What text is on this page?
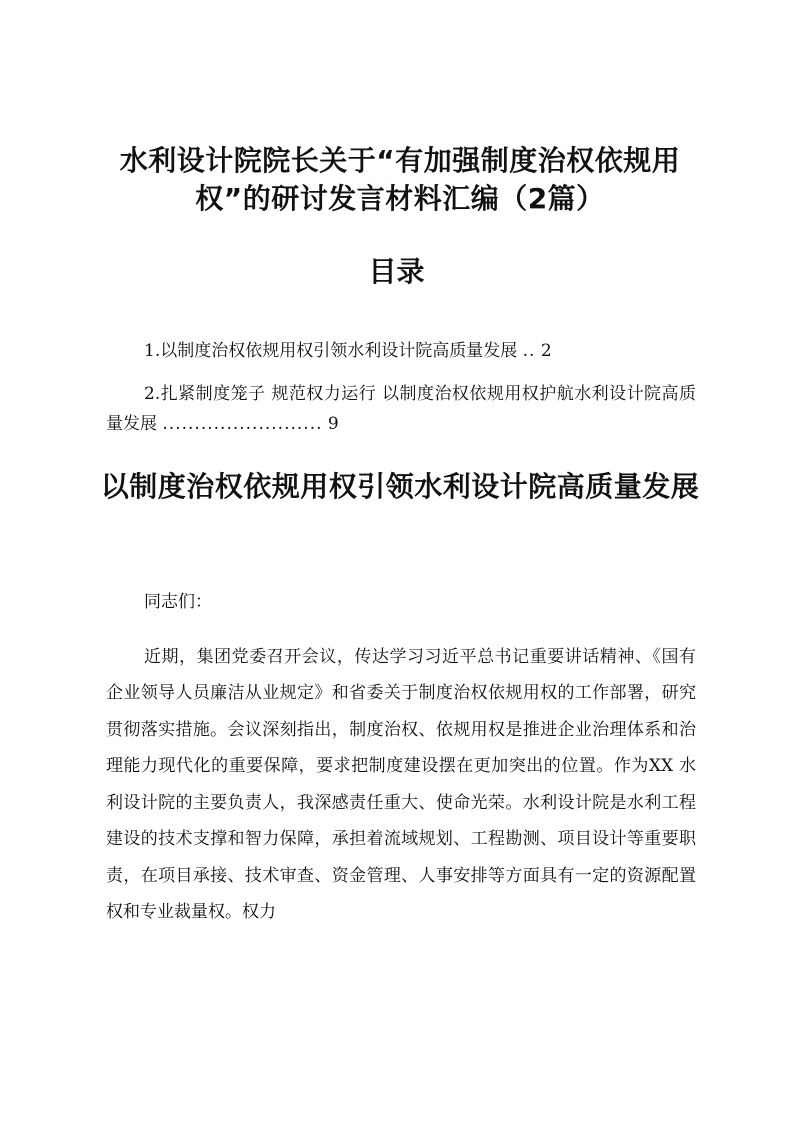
水利设计院院长关于“有加强制度治权依规用权”的研讨发言材料汇编（2篇）
目录

1.以制度治权依规用权引领水利设计院高质量发展 .. 2

2.扎紧制度笼子 规范权力运行 以制度治权依规用权护航水利设计院高质量发展 ......................... 9

以制度治权依规用权引领水利设计院高质量发展

同志们：

近期，集团党委召开会议，传达学习习近平总书记重要讲话精神、《国有企业领导人员廉洁从业规定》和省委关于制度治权依规用权的工作部署，研究贯彻落实措施。会议深刻指出，制度治权、依规用权是推进企业治理体系和治理能力现代化的重要保障，要求把制度建设摆在更加突出的位置。作为XX 水利设计院的主要负责人，我深感责任重大、使命光荣。水利设计院是水利工程建设的技术支撑和智力保障，承担着流域规划、工程勘测、项目设计等重要职责，在项目承接、技术审查、资金管理、人事安排等方面具有一定的资源配置权和专业裁量权。权力
